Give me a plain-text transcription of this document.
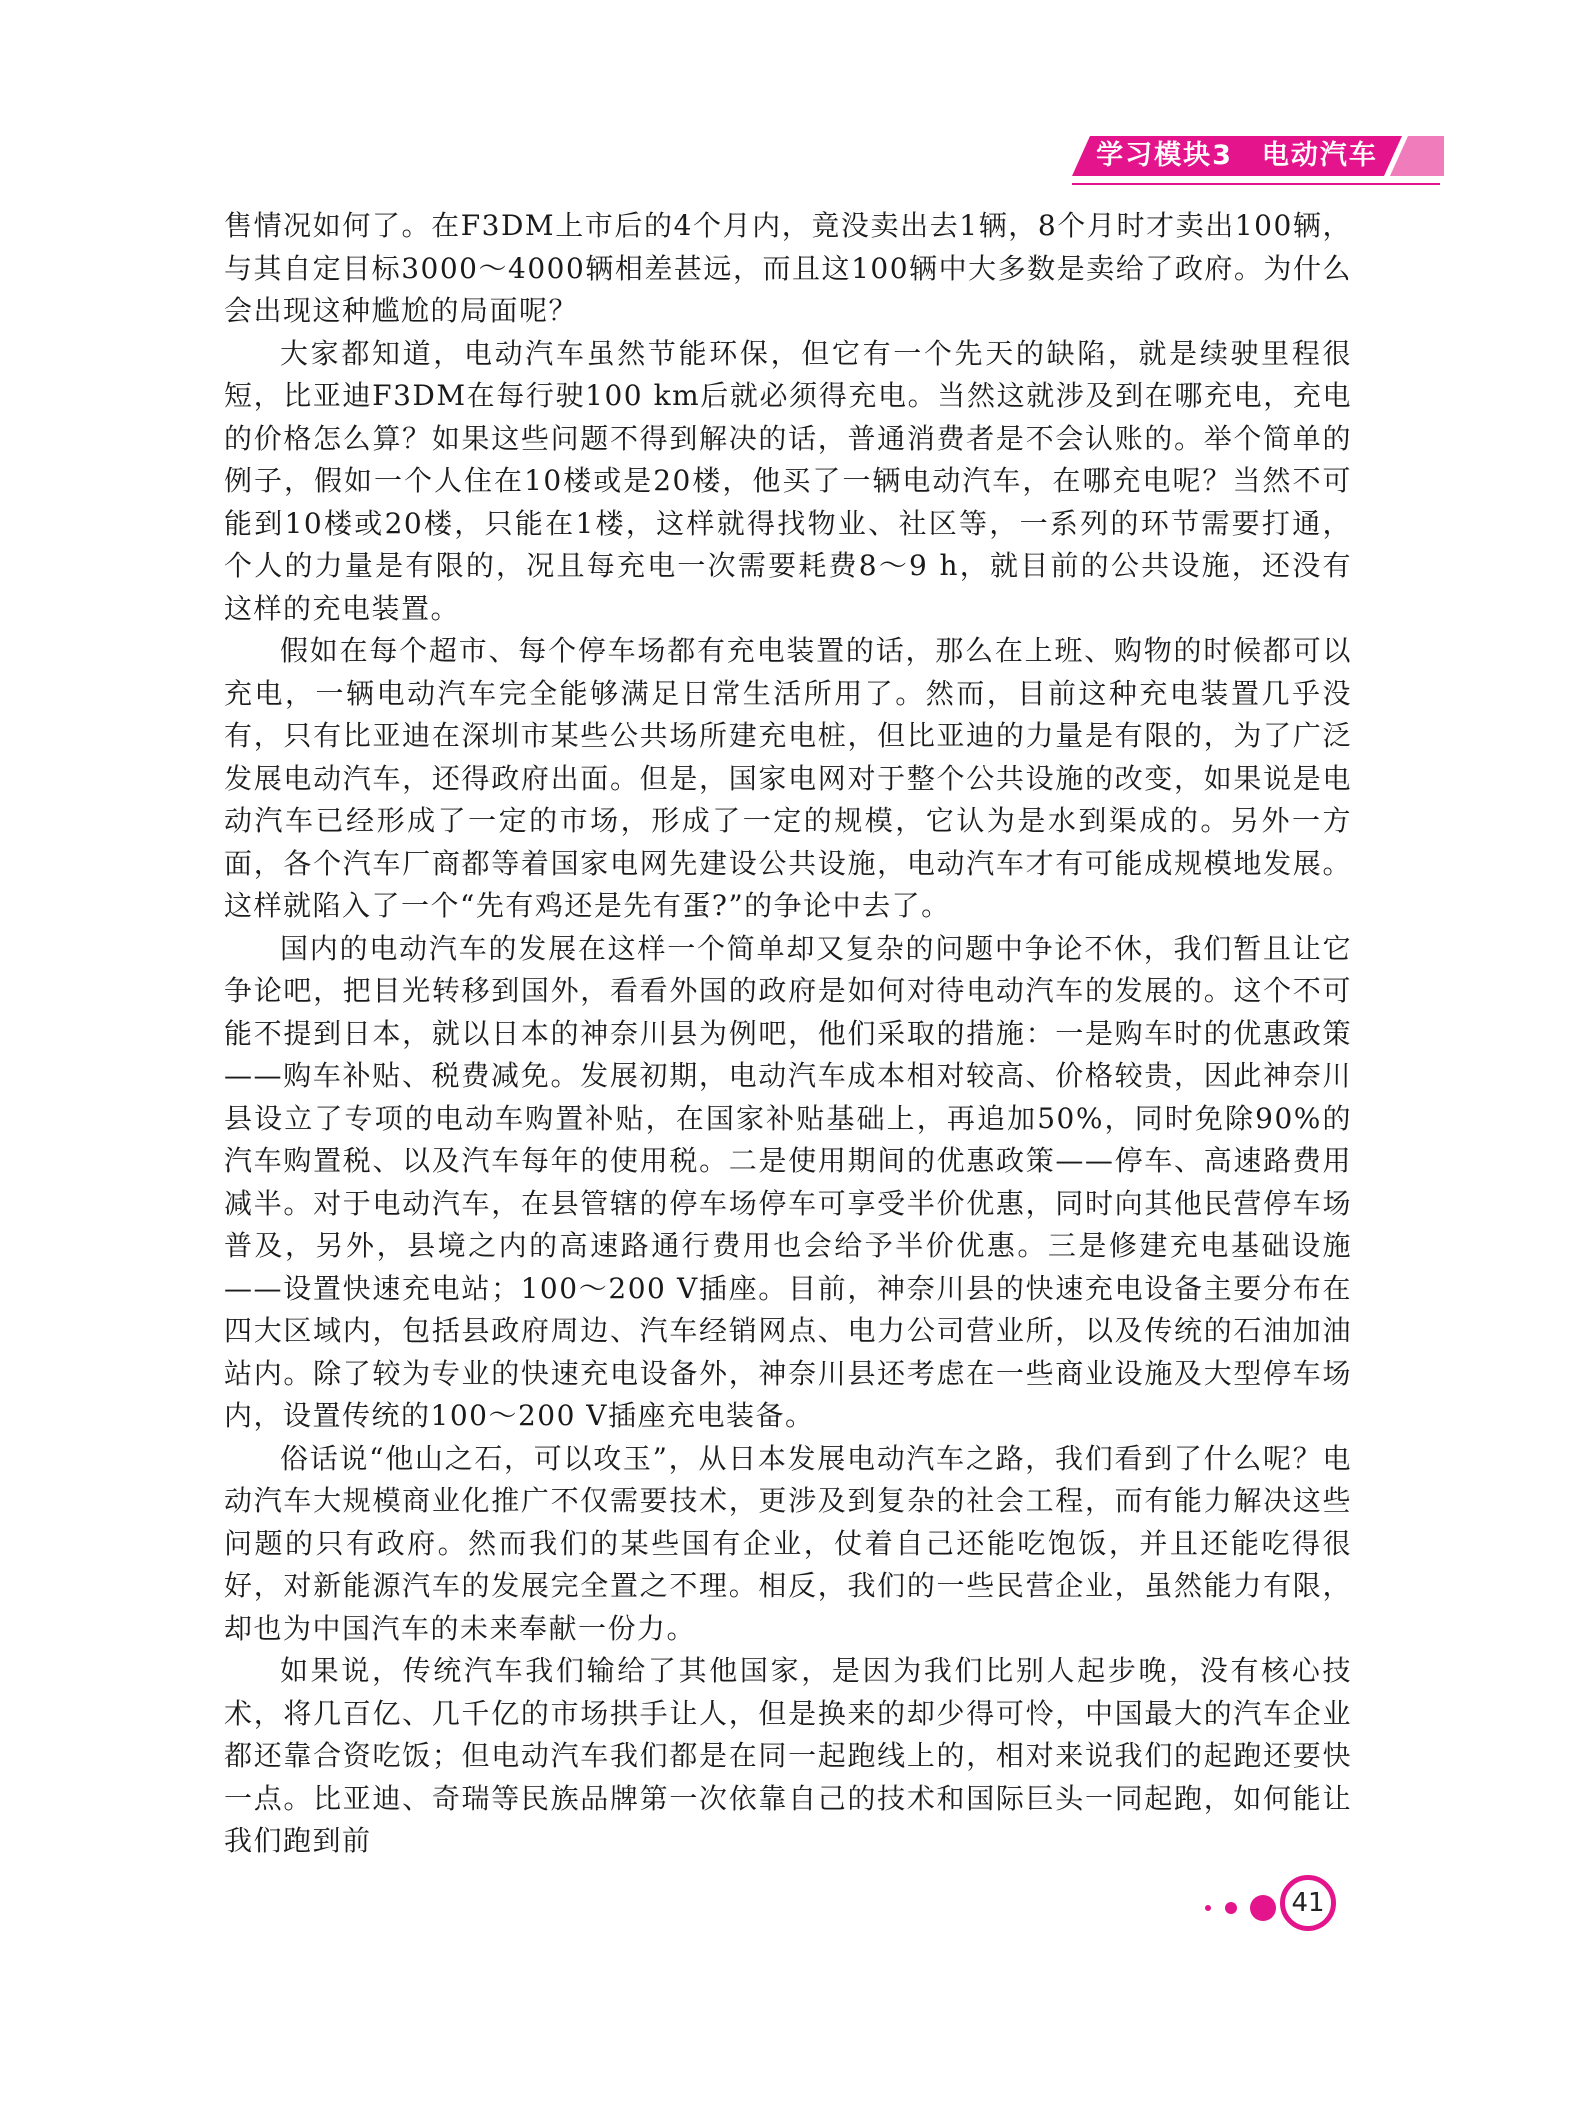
学习模块3　电动汽车

售情况如何了。在F3DM上市后的4个月内，竟没卖出去1辆，8个月时才卖出100辆，与其自定目标3000～4000辆相差甚远，而且这100辆中大多数是卖给了政府。为什么会出现这种尴尬的局面呢？

大家都知道，电动汽车虽然节能环保，但它有一个先天的缺陷，就是续驶里程很短，比亚迪F3DM在每行驶100 km后就必须得充电。当然这就涉及到在哪充电，充电的价格怎么算？如果这些问题不得到解决的话，普通消费者是不会认账的。举个简单的例子，假如一个人住在10楼或是20楼，他买了一辆电动汽车，在哪充电呢？当然不可能到10楼或20楼，只能在1楼，这样就得找物业、社区等，一系列的环节需要打通，个人的力量是有限的，况且每充电一次需要耗费8～9 h，就目前的公共设施，还没有这样的充电装置。

假如在每个超市、每个停车场都有充电装置的话，那么在上班、购物的时候都可以充电，一辆电动汽车完全能够满足日常生活所用了。然而，目前这种充电装置几乎没有，只有比亚迪在深圳市某些公共场所建充电桩，但比亚迪的力量是有限的，为了广泛发展电动汽车，还得政府出面。但是，国家电网对于整个公共设施的改变，如果说是电动汽车已经形成了一定的市场，形成了一定的规模，它认为是水到渠成的。另外一方面，各个汽车厂商都等着国家电网先建设公共设施，电动汽车才有可能成规模地发展。这样就陷入了一个“先有鸡还是先有蛋?”的争论中去了。

国内的电动汽车的发展在这样一个简单却又复杂的问题中争论不休，我们暂且让它争论吧，把目光转移到国外，看看外国的政府是如何对待电动汽车的发展的。这个不可能不提到日本，就以日本的神奈川县为例吧，他们采取的措施：一是购车时的优惠政策——购车补贴、税费减免。发展初期，电动汽车成本相对较高、价格较贵，因此神奈川县设立了专项的电动车购置补贴，在国家补贴基础上，再追加50%，同时免除90%的汽车购置税、以及汽车每年的使用税。二是使用期间的优惠政策——停车、高速路费用减半。对于电动汽车，在县管辖的停车场停车可享受半价优惠，同时向其他民营停车场普及，另外，县境之内的高速路通行费用也会给予半价优惠。三是修建充电基础设施——设置快速充电站；100～200 V插座。目前，神奈川县的快速充电设备主要分布在四大区域内，包括县政府周边、汽车经销网点、电力公司营业所，以及传统的石油加油站内。除了较为专业的快速充电设备外，神奈川县还考虑在一些商业设施及大型停车场内，设置传统的100～200 V插座充电装备。

俗话说“他山之石，可以攻玉”，从日本发展电动汽车之路，我们看到了什么呢？电动汽车大规模商业化推广不仅需要技术，更涉及到复杂的社会工程，而有能力解决这些问题的只有政府。然而我们的某些国有企业，仗着自己还能吃饱饭，并且还能吃得很好，对新能源汽车的发展完全置之不理。相反，我们的一些民营企业，虽然能力有限，却也为中国汽车的未来奉献一份力。

如果说，传统汽车我们输给了其他国家，是因为我们比别人起步晚，没有核心技术，将几百亿、几千亿的市场拱手让人，但是换来的却少得可怜，中国最大的汽车企业都还靠合资吃饭；但电动汽车我们都是在同一起跑线上的，相对来说我们的起跑还要快一点。比亚迪、奇瑞等民族品牌第一次依靠自己的技术和国际巨头一同起跑，如何能让我们跑到前

41
